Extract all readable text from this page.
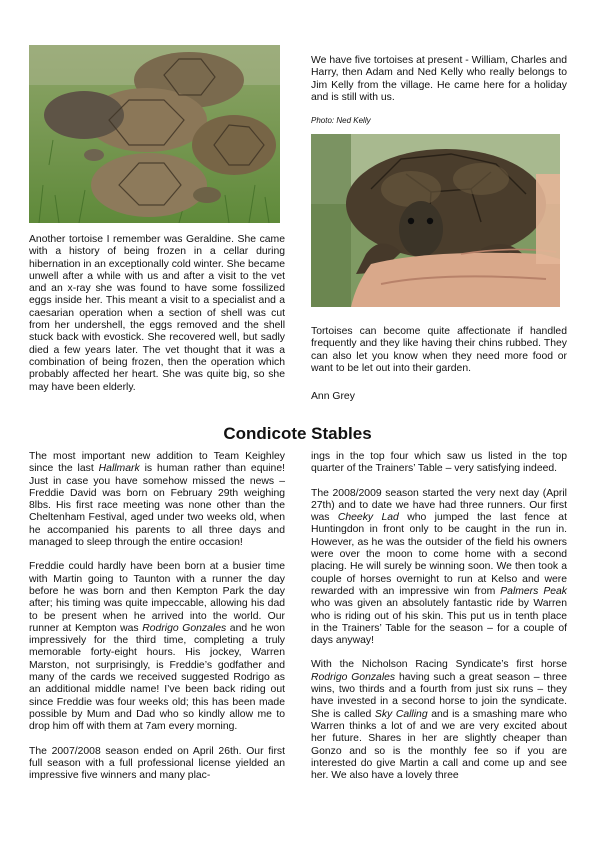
Another tortoise I remember was Geraldine. She came with a history of being frozen in a cellar during hibernation in an exceptionally cold winter. She became unwell after a while with us and after a visit to the vet and an x-ray she was found to have some fossilized eggs inside her. This meant a visit to a specialist and a caesarian operation when a section of shell was cut from her undershell, the eggs removed and the shell stuck back with evostick. She recovered well, but sadly died a few years later. The vet thought that it was a combination of being frozen, then the operation which probably affected her heart. She was quite big, so she may have been elderly.

We have five tortoises at present - William, Charles and Harry, then Adam and Ned Kelly who really belongs to Jim Kelly from the village. He came here for a holiday and is still with us.

Photo: Ned Kelly

Tortoises can become quite affectionate if handled frequently and they like having their chins rubbed. They can also let you know when they need more food or want to be let out into their garden.

Ann Grey
Condicote Stables

The most important new addition to Team Keighley since the last Hallmark is human rather than equine! Just in case you have somehow missed the news – Freddie David was born on February 29th weighing 8lbs. His first race meeting was none other than the Cheltenham Festival, aged under two weeks old, when he accompanied his parents to all three days and managed to sleep through the entire occasion!

Freddie could hardly have been born at a busier time with Martin going to Taunton with a runner the day before he was born and then Kempton Park the day after; his timing was quite impeccable, allowing his dad to be present when he arrived into the world. Our runner at Kempton was Rodrigo Gonzales and he won impressively for the third time, completing a truly memorable forty-eight hours. His jockey, Warren Marston, not surprisingly, is Freddie’s godfather and many of the cards we received suggested Rodrigo as an additional middle name! I’ve been back riding out since Freddie was four weeks old; this has been made possible by Mum and Dad who so kindly allow me to drop him off with them at 7am every morning.

The 2007/2008 season ended on April 26th. Our first full season with a full professional license yielded an impressive five winners and many plac-

ings in the top four which saw us listed in the top quarter of the Trainers’ Table – very satisfying indeed.

The 2008/2009 season started the very next day (April 27th) and to date we have had three runners. Our first was Cheeky Lad who jumped the last fence at Huntingdon in front only to be caught in the run in. However, as he was the outsider of the field his owners were over the moon to come home with a second placing. He will surely be winning soon. We then took a couple of horses overnight to run at Kelso and were rewarded with an impressive win from Palmers Peak who was given an absolutely fantastic ride by Warren who is riding out of his skin. This put us in tenth place in the Trainers’ Table for the season – for a couple of days anyway!

With the Nicholson Racing Syndicate’s first horse Rodrigo Gonzales having such a great season – three wins, two thirds and a fourth from just six runs – they have invested in a second horse to join the syndicate. She is called Sky Calling and is a smashing mare who Warren thinks a lot of and we are very excited about her future. Shares in her are slightly cheaper than Gonzo and so is the monthly fee so if you are interested do give Martin a call and come up and see her. We also have a lovely three
